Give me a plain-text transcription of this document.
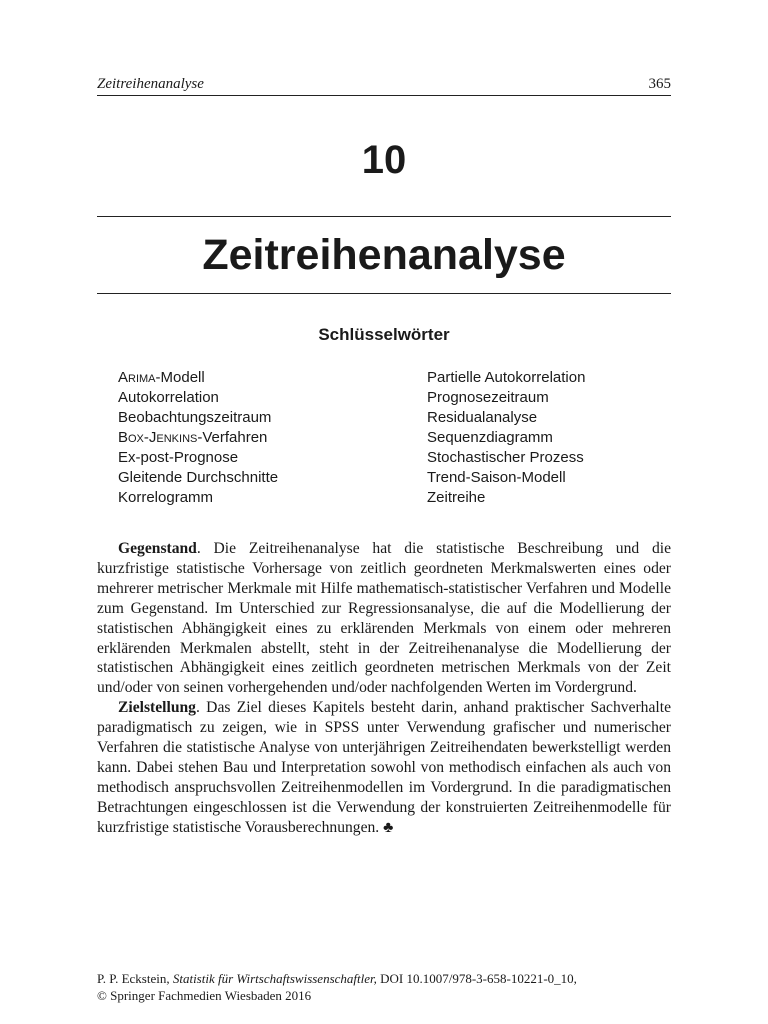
Zeitreihenanalyse	365
10
Zeitreihenanalyse
Schlüsselwörter
Arima-Modell
Autokorrelation
Beobachtungszeitraum
Box-Jenkins-Verfahren
Ex-post-Prognose
Gleitende Durchschnitte
Korrelogramm
Partielle Autokorrelation
Prognosezeitraum
Residualanalyse
Sequenzdiagramm
Stochastischer Prozess
Trend-Saison-Modell
Zeitreihe

Gegenstand. Die Zeitreihenanalyse hat die statistische Beschreibung und die kurzfristige statistische Vorhersage von zeitlich geordneten Merkmalswerten eines oder mehrerer metrischer Merkmale mit Hilfe mathematisch-statistischer Verfahren und Modelle zum Gegenstand. Im Unterschied zur Regressionsanalyse, die auf die Modellierung der statistischen Abhängigkeit eines zu erklärenden Merkmals von einem oder mehreren erklärenden Merkmalen abstellt, steht in der Zeitreihenanalyse die Modellierung der statistischen Abhängigkeit eines zeitlich geordneten metrischen Merkmals von der Zeit und/oder von seinen vorhergehenden und/oder nachfolgenden Werten im Vordergrund.

Zielstellung. Das Ziel dieses Kapitels besteht darin, anhand praktischer Sachverhalte paradigmatisch zu zeigen, wie in SPSS unter Verwendung grafischer und numerischer Verfahren die statistische Analyse von unterjährigen Zeitreihendaten bewerkstelligt werden kann. Dabei stehen Bau und Interpretation sowohl von methodisch einfachen als auch von methodisch anspruchsvollen Zeitreihenmodellen im Vordergrund. In die paradigmatischen Betrachtungen eingeschlossen ist die Verwendung der konstruierten Zeitreihenmodelle für kurzfristige statistische Vorausberechnungen. ♣

P. P. Eckstein, Statistik für Wirtschaftswissenschaftler, DOI 10.1007/978-3-658-10221-0_10,
© Springer Fachmedien Wiesbaden 2016
